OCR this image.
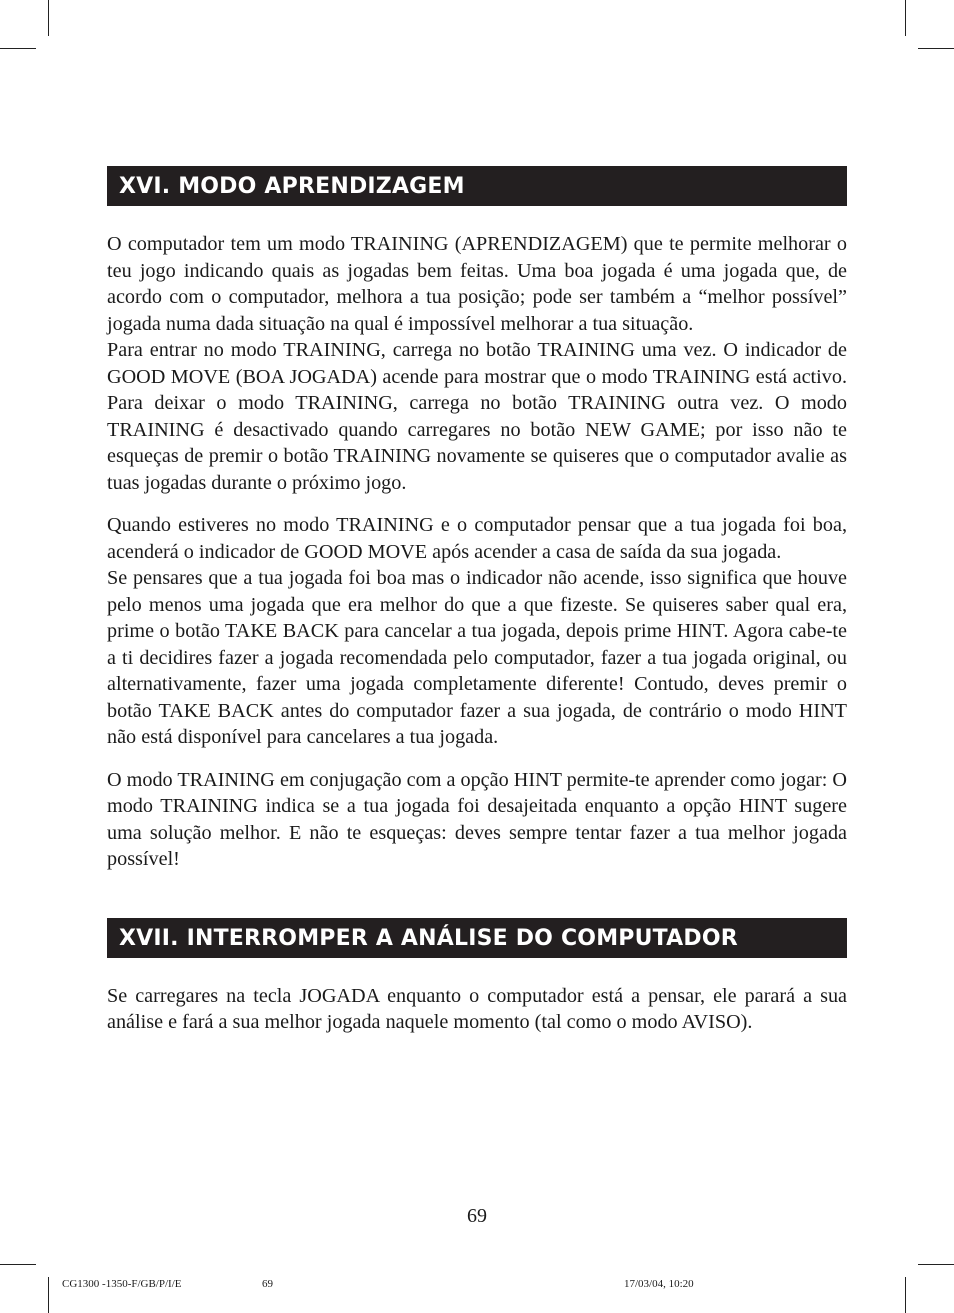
XVI. MODO APRENDIZAGEM

O computador tem um modo TRAINING (APRENDIZAGEM) que te permite melhorar o teu jogo indicando quais as jogadas bem feitas. Uma boa jogada é uma jogada que, de acordo com o computador, melhora a tua posição; pode ser também a “melhor possível” jogada numa dada situação na qual é impossível melhorar a tua situação.

Para entrar no modo TRAINING, carrega no botão TRAINING uma vez. O indicador de GOOD MOVE (BOA JOGADA) acende para mostrar que o modo TRAINING está activo. Para deixar o modo TRAINING, carrega no botão TRAINING outra vez. O modo TRAINING é desactivado quando carregares no botão NEW GAME; por isso não te esqueças de premir o botão TRAINING novamente se quiseres que o computador avalie as tuas jogadas durante o próximo jogo.

Quando estiveres no modo TRAINING e o computador pensar que a tua jogada foi boa, acenderá o indicador de GOOD MOVE após acender a casa de saída da sua jogada.

Se pensares que a tua jogada foi boa mas o indicador não acende, isso significa que houve pelo menos uma jogada que era melhor do que a que fizeste. Se quiseres saber qual era, prime o botão TAKE BACK para cancelar a tua jogada, depois prime HINT. Agora cabe-te a ti decidires fazer a jogada recomendada pelo computador, fazer a tua jogada original, ou alternativamente, fazer uma jogada completamente diferente! Contudo, deves premir o botão TAKE BACK antes do computador fazer a sua jogada, de contrário o modo HINT não está disponível para cancelares a tua jogada.

O modo TRAINING em conjugação com a opção HINT permite-te aprender como jogar: O modo TRAINING indica se a tua jogada foi desajeitada enquanto a opção HINT sugere uma solução melhor. E não te esqueças: deves sempre tentar fazer a tua melhor jogada possível!

XVII. INTERROMPER A ANÁLISE DO COMPUTADOR

Se carregares na tecla JOGADA enquanto o computador está a pensar, ele parará a sua análise e fará a sua melhor jogada naquele momento (tal como o modo AVISO).

69
CG1300 -1350-F/GB/P/I/E	69	17/03/04, 10:20
